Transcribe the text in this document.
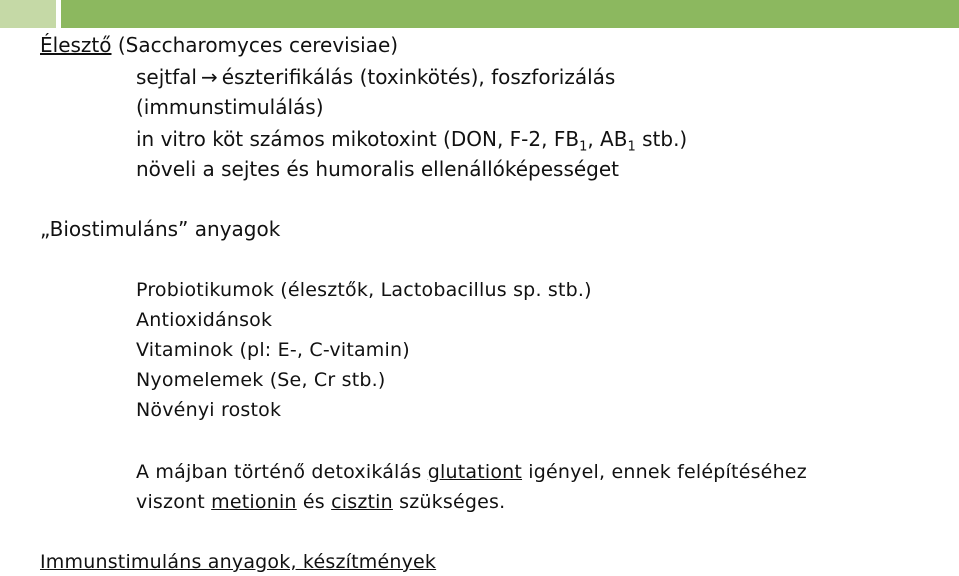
Élesztő (Saccharomyces cerevisiae)
sejtfal → észterifikálás (toxinkötés), foszforizálás
(immunstimulálás)
in vitro köt számos mikotoxint (DON, F-2, $FB_1$, $AB_1$ stb.)
növeli a sejtes és humoralis ellenállóképességet
„Biostimuláns” anyagok
Probiotikumok (élesztők, Lactobacillus sp. stb.)
Antioxidánsok
Vitaminok (pl: E-, C-vitamin)
Nyomelemek (Se, Cr stb.)
Növényi rostok
A májban történő detoxikálás glutationt igényel, ennek felépítéséhez
viszont metionin és cisztin szükséges.
Immunstimuláns anyagok, készítmények
